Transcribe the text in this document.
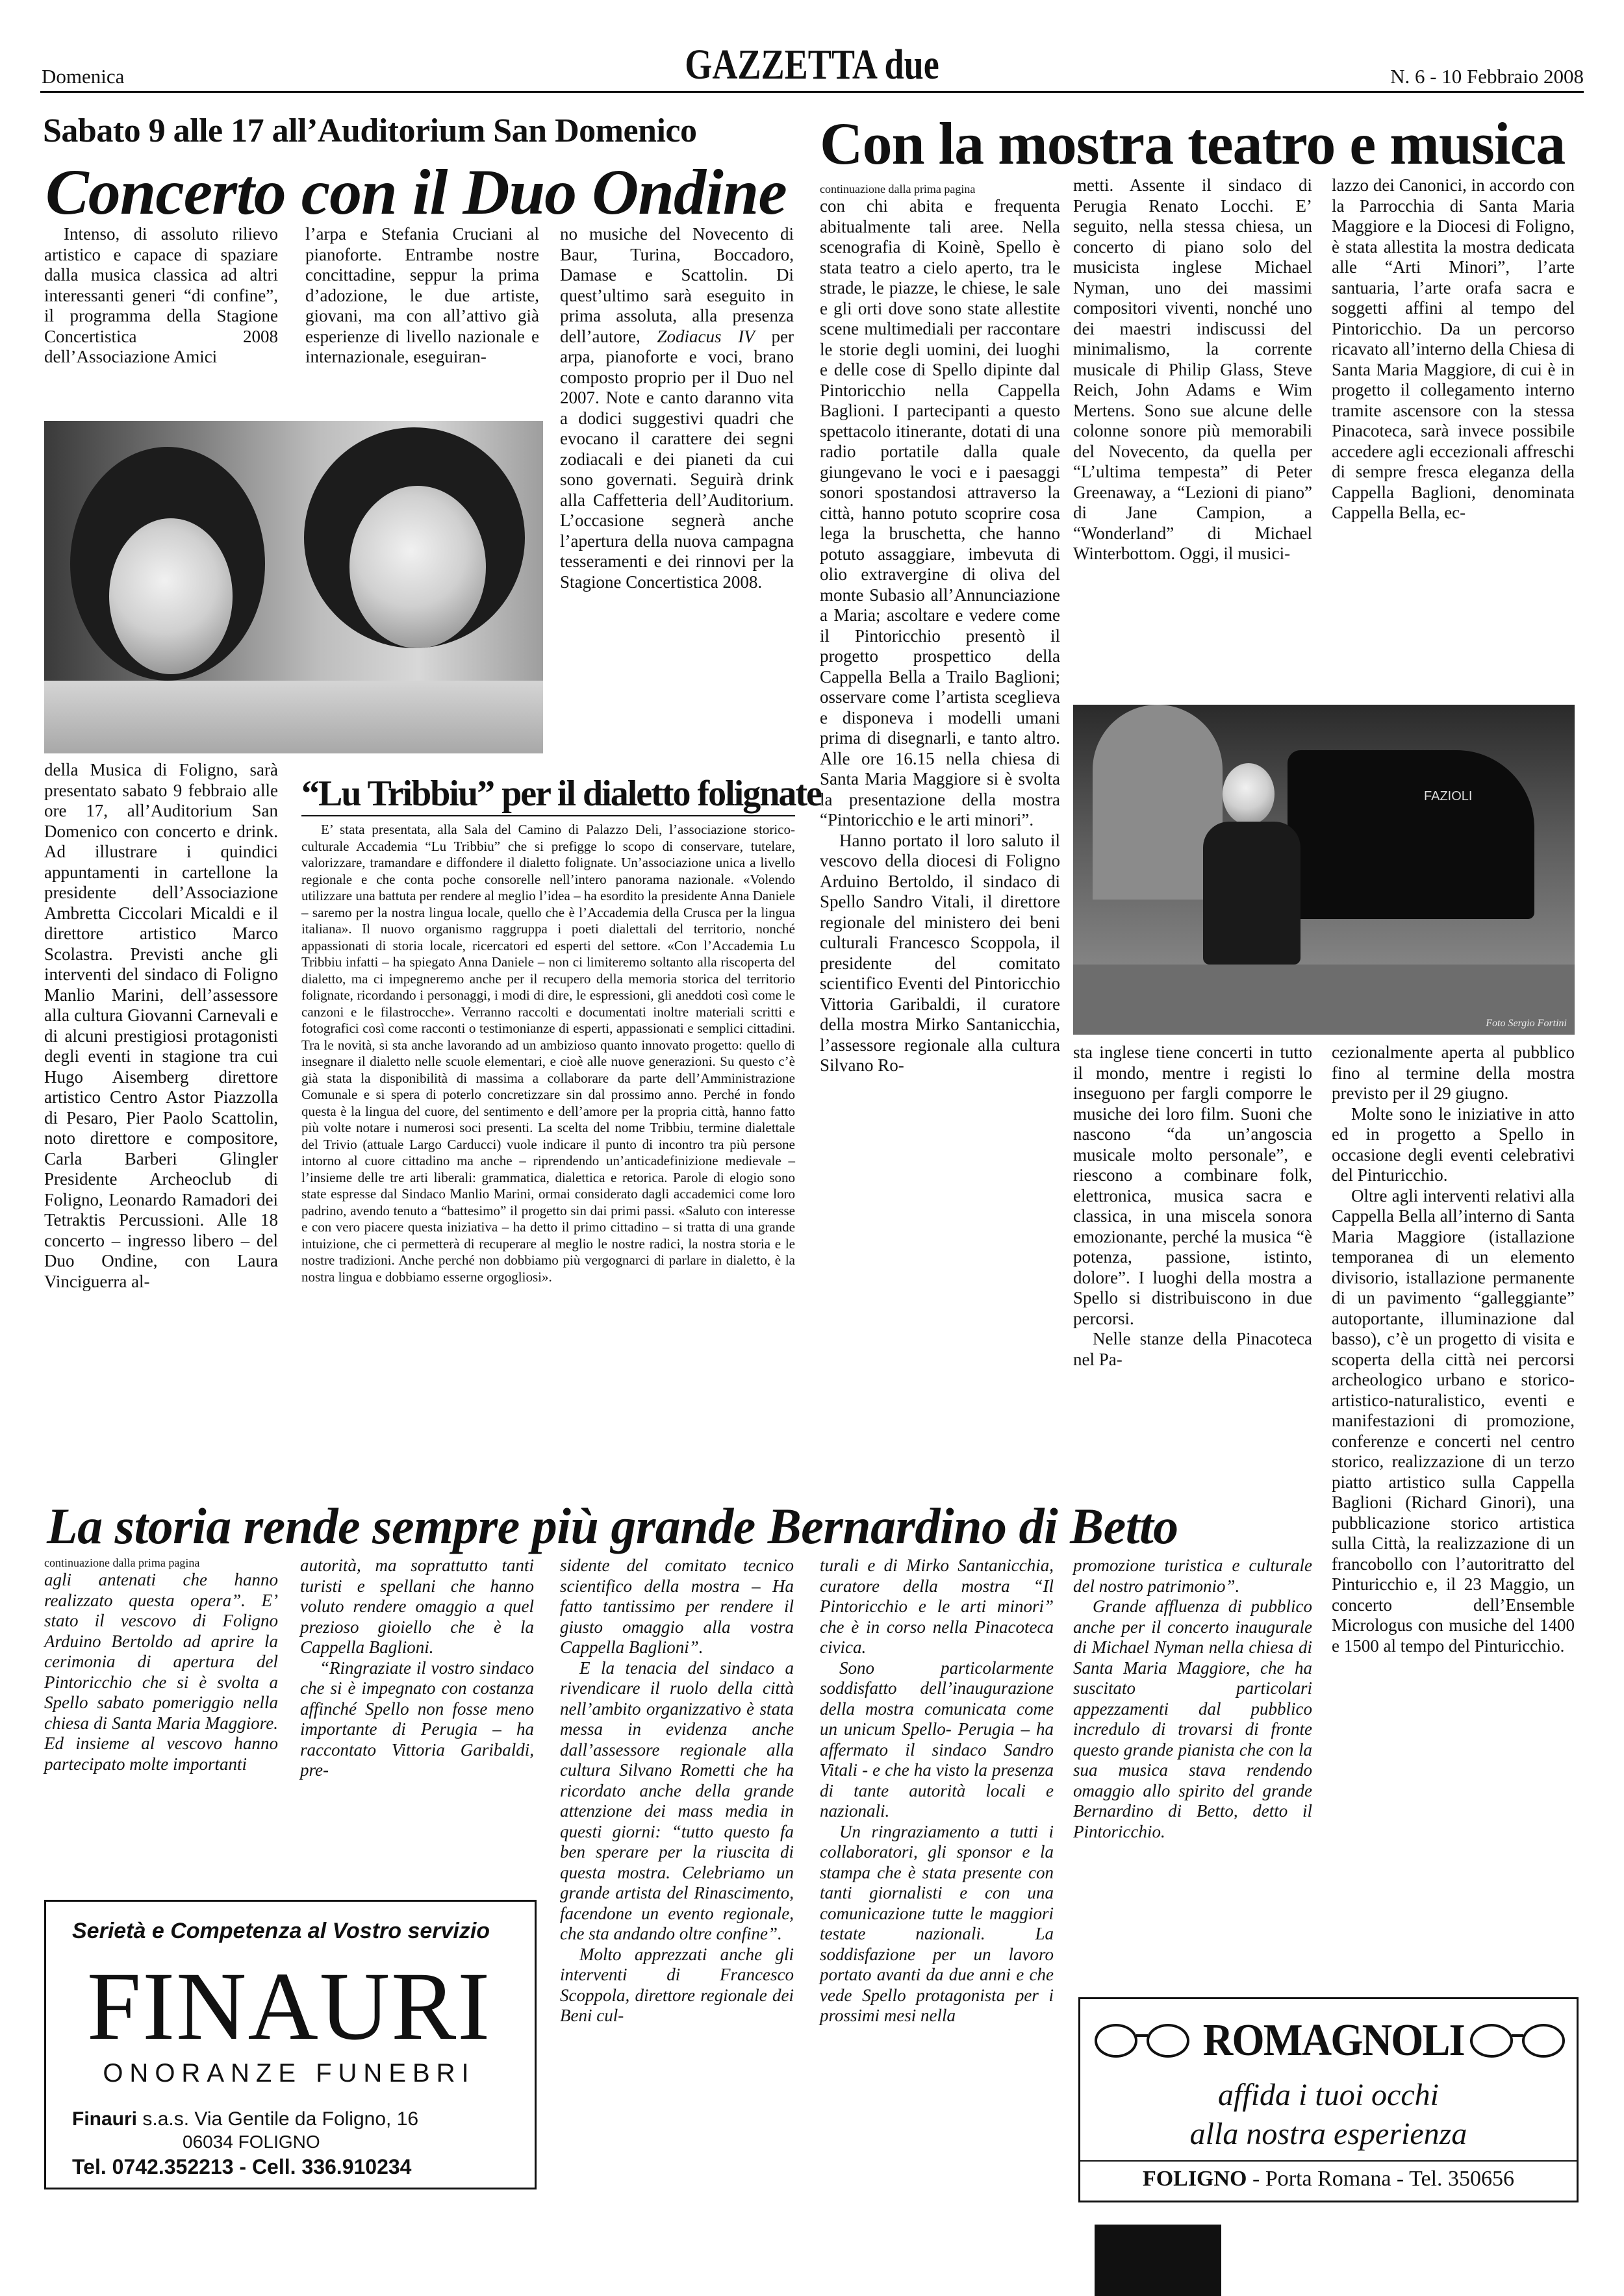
Domenica	GAZZETTA due	N. 6 - 10 Febbraio 2008
Sabato 9 alle 17 all’Auditorium San Domenico
Concerto con il Duo Ondine

Intenso, di assoluto rilievo artistico e capace di spaziare dalla musica classica ad altri interessanti generi “di confine”, il programma della Stagione Concertistica 2008 dell’Associazione Amici

l’arpa e Stefania Cruciani al pianoforte. Entrambe nostre concittadine, seppur la prima d’adozione, le due artiste, giovani, ma con all’attivo già esperienze di livello nazionale e internazionale, eseguiran-

no musiche del Novecento di Baur, Turina, Boccadoro, Damase e Scattolin. Di quest’ultimo sarà eseguito in prima assoluta, alla presenza dell’autore, Zodiacus IV per arpa, pianoforte e voci, brano composto proprio per il Duo nel 2007. Note e canto daranno vita a dodici suggestivi quadri che evocano il carattere dei segni zodiacali e dei pianeti da cui sono governati. Seguirà drink alla Caffetteria dell’Auditorium. L’occasione segnerà anche l’apertura della nuova campagna tesseramenti e dei rinnovi per la Stagione Concertistica 2008.

della Musica di Foligno, sarà presentato sabato 9 febbraio alle ore 17, all’Auditorium San Domenico con concerto e drink. Ad illustrare i quindici appuntamenti in cartellone la presidente dell’Associazione Ambretta Ciccolari Micaldi e il direttore artistico Marco Scolastra. Previsti anche gli interventi del sindaco di Foligno Manlio Marini, dell’assessore alla cultura Giovanni Carnevali e di alcuni prestigiosi protagonisti degli eventi in stagione tra cui Hugo Aisemberg direttore artistico Centro Astor Piazzolla di Pesaro, Pier Paolo Scattolin, noto direttore e compositore, Carla Barberi Glingler Presidente Archeoclub di Foligno, Leonardo Ramadori dei Tetraktis Percussioni. Alle 18 concerto – ingresso libero – del Duo Ondine, con Laura Vinciguerra al-

“Lu Tribbiu” per il dialetto folignate

E’ stata presentata, alla Sala del Camino di Palazzo Deli, l’associazione storico-culturale Accademia “Lu Tribbiu” che si prefigge lo scopo di conservare, tutelare, valorizzare, tramandare e diffondere il dialetto folignate. Un’associazione unica a livello regionale e che conta poche consorelle nell’intero panorama nazionale. «Volendo utilizzare una battuta per rendere al meglio l’idea – ha esordito la presidente Anna Daniele – saremo per la nostra lingua locale, quello che è l’Accademia della Crusca per la lingua italiana». Il nuovo organismo raggruppa i poeti dialettali del territorio, nonché appassionati di storia locale, ricercatori ed esperti del settore. «Con l’Accademia Lu Tribbiu infatti – ha spiegato Anna Daniele – non ci limiteremo soltanto alla riscoperta del dialetto, ma ci impegneremo anche per il recupero della memoria storica del territorio folignate, ricordando i personaggi, i modi di dire, le espressioni, gli aneddoti così come le canzoni e le filastrocche». Verranno raccolti e documentati inoltre materiali scritti e fotografici così come racconti o testimonianze di esperti, appassionati e semplici cittadini. Tra le novità, si sta anche lavorando ad un ambizioso quanto innovato progetto: quello di insegnare il dialetto nelle scuole elementari, e cioè alle nuove generazioni. Su questo c’è già stata la disponibilità di massima a collaborare da parte dell’Amministrazione Comunale e si spera di poterlo concretizzare sin dal prossimo anno. Perché in fondo questa è la lingua del cuore, del sentimento e dell’amore per la propria città, hanno fatto più volte notare i numerosi soci presenti. La scelta del nome Tribbiu, termine dialettale del Trivio (attuale Largo Carducci) vuole indicare il punto di incontro tra più persone intorno al cuore cittadino ma anche – riprendendo un’anticadefinizione medievale – l’insieme delle tre arti liberali: grammatica, dialettica e retorica. Parole di elogio sono state espresse dal Sindaco Manlio Marini, ormai considerato dagli accademici come loro padrino, avendo tenuto a “battesimo” il progetto sin dai primi passi. «Saluto con interesse e con vero piacere questa iniziativa – ha detto il primo cittadino – si tratta di una grande intuizione, che ci permetterà di recuperare al meglio le nostre radici, la nostra storia e le nostre tradizioni. Anche perché non dobbiamo più vergognarci di parlare in dialetto, è la nostra lingua e dobbiamo esserne orgogliosi».

Con la mostra teatro e musica

continuazione dalla prima pagina

con chi abita e frequenta abitualmente tali aree. Nella scenografia di Koinè, Spello è stata teatro a cielo aperto, tra le strade, le piazze, le chiese, le sale e gli orti dove sono state allestite scene multimediali per raccontare le storie degli uomini, dei luoghi e delle cose di Spello dipinte dal Pintoricchio nella Cappella Baglioni. I partecipanti a questo spettacolo itinerante, dotati di una radio portatile dalla quale giungevano le voci e i paesaggi sonori spostandosi attraverso la città, hanno potuto scoprire cosa lega la bruschetta, che hanno potuto assaggiare, imbevuta di olio extravergine di oliva del monte Subasio all’Annunciazione a Maria; ascoltare e vedere come il Pintoricchio presentò il progetto prospettico della Cappella Bella a Trailo Baglioni; osservare come l’artista sceglieva e disponeva i modelli umani prima di disegnarli, e tanto altro. Alle ore 16.15 nella chiesa di Santa Maria Maggiore si è svolta la presentazione della mostra “Pintoricchio e le arti minori”.

Hanno portato il loro saluto il vescovo della diocesi di Foligno Arduino Bertoldo, il sindaco di Spello Sandro Vitali, il direttore regionale del ministero dei beni culturali Francesco Scoppola, il presidente del comitato scientifico Eventi del Pintoricchio Vittoria Garibaldi, il curatore della mostra Mirko Santanicchia, l’assessore regionale alla cultura Silvano Ro-

metti. Assente il sindaco di Perugia Renato Locchi. E’ seguito, nella stessa chiesa, un concerto di piano solo del musicista inglese Michael Nyman, uno dei massimi compositori viventi, nonché uno dei maestri indiscussi del minimalismo, la corrente musicale di Philip Glass, Steve Reich, John Adams e Wim Mertens. Sono sue alcune delle colonne sonore più memorabili del Novecento, da quella per “L’ultima tempesta” di Peter Greenaway, a “Lezioni di piano” di Jane Campion, a “Wonderland” di Michael Winterbottom. Oggi, il musici-

lazzo dei Canonici, in accordo con la Parrocchia di Santa Maria Maggiore e la Diocesi di Foligno, è stata allestita la mostra dedicata alle “Arti Minori”, l’arte santuaria, l’arte orafa sacra e soggetti affini al tempo del Pintoricchio. Da un percorso ricavato all’interno della Chiesa di Santa Maria Maggiore, di cui è in progetto il collegamento interno tramite ascensore con la stessa Pinacoteca, sarà invece possibile accedere agli eccezionali affreschi di sempre fresca eleganza della Cappella Baglioni, denominata Cappella Bella, ec-

FAZIOLI
Foto Sergio Fortini

sta inglese tiene concerti in tutto il mondo, mentre i registi lo inseguono per fargli comporre le musiche dei loro film. Suoni che nascono “da un’angoscia musicale molto personale”, e riescono a combinare folk, elettronica, musica sacra e classica, in una miscela sonora emozionante, perché la musica “è potenza, passione, istinto, dolore”. I luoghi della mostra a Spello si distribuiscono in due percorsi.

Nelle stanze della Pinacoteca nel Pa-

cezionalmente aperta al pubblico fino al termine della mostra previsto per il 29 giugno.

Molte sono le iniziative in atto ed in progetto a Spello in occasione degli eventi celebrativi del Pinturicchio.

Oltre agli interventi relativi alla Cappella Bella all’interno di Santa Maria Maggiore (istallazione temporanea di un elemento divisorio, istallazione permanente di un pavimento “galleggiante” autoportante, illuminazione dal basso), c’è un progetto di visita e scoperta della città nei percorsi archeologico urbano e storico-artistico-naturalistico, eventi e manifestazioni di promozione, conferenze e concerti nel centro storico, realizzazione di un terzo piatto artistico sulla Cappella Baglioni (Richard Ginori), una pubblicazione storico artistica sulla Città, la realizzazione di un francobollo con l’autoritratto del Pinturicchio e, il 23 Maggio, un concerto dell’Ensemble Micrologus con musiche del 1400 e 1500 al tempo del Pinturicchio.

La storia rende sempre più grande Bernardino di Betto

continuazione dalla prima pagina

agli antenati che hanno realizzato questa opera”. E’ stato il vescovo di Foligno Arduino Bertoldo ad aprire la cerimonia di apertura del Pintoricchio che si è svolta a Spello sabato pomeriggio nella chiesa di Santa Maria Maggiore. Ed insieme al vescovo hanno partecipato molte importanti

autorità, ma soprattutto tanti turisti e spellani che hanno voluto rendere omaggio a quel prezioso gioiello che è la Cappella Baglioni.

“Ringraziate il vostro sindaco che si è impegnato con costanza affinché Spello non fosse meno importante di Perugia – ha raccontato Vittoria Garibaldi, pre-

sidente del comitato tecnico scientifico della mostra – Ha fatto tantissimo per rendere il giusto omaggio alla vostra Cappella Baglioni”.

E la tenacia del sindaco a rivendicare il ruolo della città nell’ambito organizzativo è stata messa in evidenza anche dall’assessore regionale alla cultura Silvano Rometti che ha ricordato anche della grande attenzione dei mass media in questi giorni: “tutto questo fa ben sperare per la riuscita di questa mostra. Celebriamo un grande artista del Rinascimento, facendone un evento regionale, che sta andando oltre confine”.

Molto apprezzati anche gli interventi di Francesco Scoppola, direttore regionale dei Beni cul-

turali e di Mirko Santanicchia, curatore della mostra “Il Pintoricchio e le arti minori” che è in corso nella Pinacoteca civica.

Sono particolarmente soddisfatto dell’inaugurazione della mostra comunicata come un unicum Spello- Perugia – ha affermato il sindaco Sandro Vitali - e che ha visto la presenza di tante autorità locali e nazionali.

Un ringraziamento a tutti i collaboratori, gli sponsor e la stampa che è stata presente con tanti giornalisti e con una comunicazione tutte le maggiori testate nazionali. La soddisfazione per un lavoro portato avanti da due anni e che vede Spello protagonista per i prossimi mesi nella

promozione turistica e culturale del nostro patrimonio”.

Grande affluenza di pubblico anche per il concerto inaugurale di Michael Nyman nella chiesa di Santa Maria Maggiore, che ha suscitato particolari appezzamenti dal pubblico incredulo di trovarsi di fronte questo grande pianista che con la sua musica stava rendendo omaggio allo spirito del grande Bernardino di Betto, detto il Pintoricchio.

Serietà e Competenza al Vostro servizio
FINAURI
ONORANZE FUNEBRI
Finauri s.a.s. Via Gentile da Foligno, 16
06034 FOLIGNO
Tel. 0742.352213 - Cell. 336.910234
ROMAGNOLI
affida i tuoi occhi
alla nostra esperienza
FOLIGNO - Porta Romana - Tel. 350656
